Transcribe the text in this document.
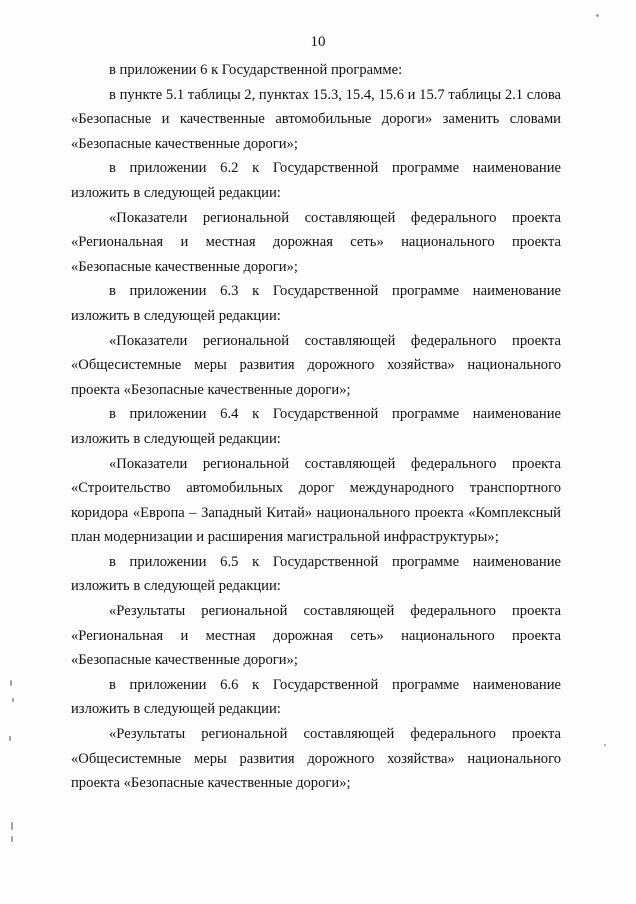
10

в приложении 6 к Государственной программе:

в пункте 5.1 таблицы 2, пунктах 15.3, 15.4, 15.6 и 15.7 таблицы 2.1 слова «Безопасные и качественные автомобильные дороги» заменить словами «Безопасные качественные дороги»;

в приложении 6.2 к Государственной программе наименование изложить в следующей редакции:

«Показатели региональной составляющей федерального проекта «Региональная и местная дорожная сеть» национального проекта «Безопасные качественные дороги»;

в приложении 6.3 к Государственной программе наименование изложить в следующей редакции:

«Показатели региональной составляющей федерального проекта «Общесистемные меры развития дорожного хозяйства» национального проекта «Безопасные качественные дороги»;

в приложении 6.4 к Государственной программе наименование изложить в следующей редакции:

«Показатели региональной составляющей федерального проекта «Строительство автомобильных дорог международного транспортного коридора «Европа – Западный Китай» национального проекта «Комплексный план модернизации и расширения магистральной инфраструктуры»;

в приложении 6.5 к Государственной программе наименование изложить в следующей редакции:

«Результаты региональной составляющей федерального проекта «Региональная и местная дорожная сеть» национального проекта «Безопасные качественные дороги»;

в приложении 6.6 к Государственной программе наименование изложить в следующей редакции:

«Результаты региональной составляющей федерального проекта «Общесистемные меры развития дорожного хозяйства» национального проекта «Безопасные качественные дороги»;
